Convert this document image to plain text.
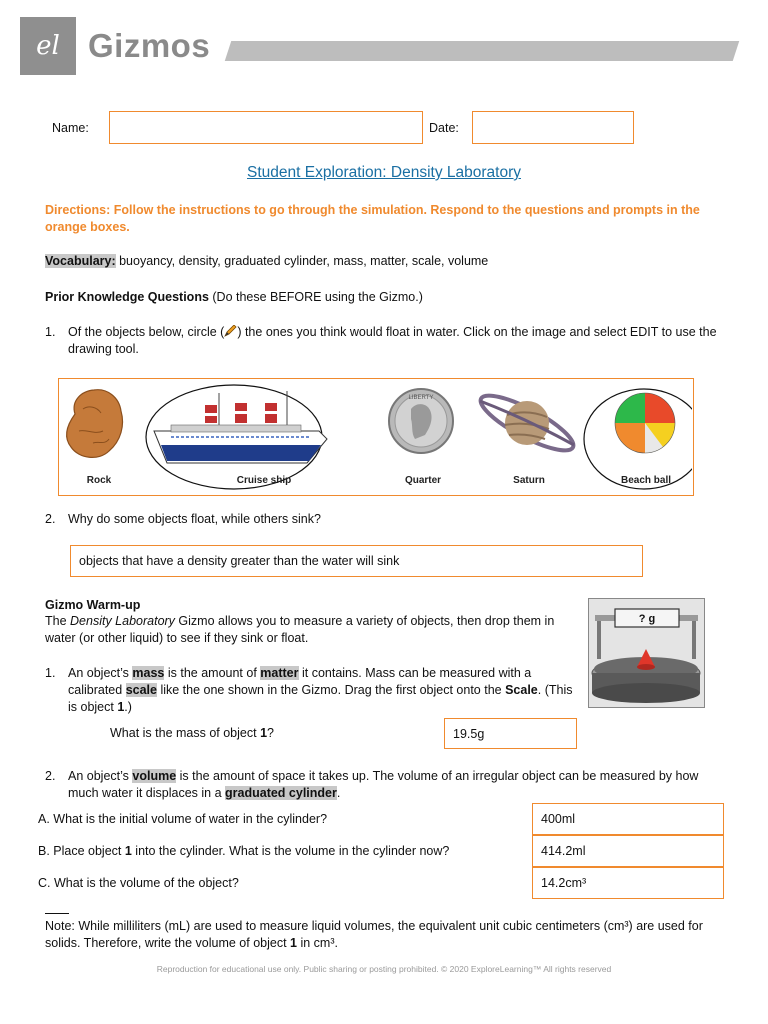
el Gizmos
Name:	Date:
Student Exploration: Density Laboratory
Directions: Follow the instructions to go through the simulation. Respond to the questions and prompts in the orange boxes.
Vocabulary: buoyancy, density, graduated cylinder, mass, matter, scale, volume
Prior Knowledge Questions (Do these BEFORE using the Gizmo.)
1. Of the objects below, circle ( ) the ones you think would float in water. Click on the image and select EDIT to use the drawing tool.
LIBERTY
Rock	Cruise ship	Quarter	Saturn	Beach ball
2. Why do some objects float, while others sink?
objects that have a density greater than the water will sink
Gizmo Warm-up
The Density Laboratory Gizmo allows you to measure a variety of objects, then drop them in water (or other liquid) to see if they sink or float.
? g
1. An object’s mass is the amount of matter it contains. Mass can be measured with a calibrated scale like the one shown in the Gizmo. Drag the first object onto the Scale. (This is object 1.)
What is the mass of object 1?	19.5g
2. An object’s volume is the amount of space it takes up. The volume of an irregular object can be measured by how much water it displaces in a graduated cylinder.
A. What is the initial volume of water in the cylinder?	400ml
B. Place object 1 into the cylinder. What is the volume in the cylinder now?	414.2ml
C. What is the volume of the object?	14.2cm³
Note: While milliliters (mL) are used to measure liquid volumes, the equivalent unit cubic centimeters (cm³) are used for solids. Therefore, write the volume of object 1 in cm³.
Reproduction for educational use only. Public sharing or posting prohibited. © 2020 ExploreLearning™ All rights reserved
